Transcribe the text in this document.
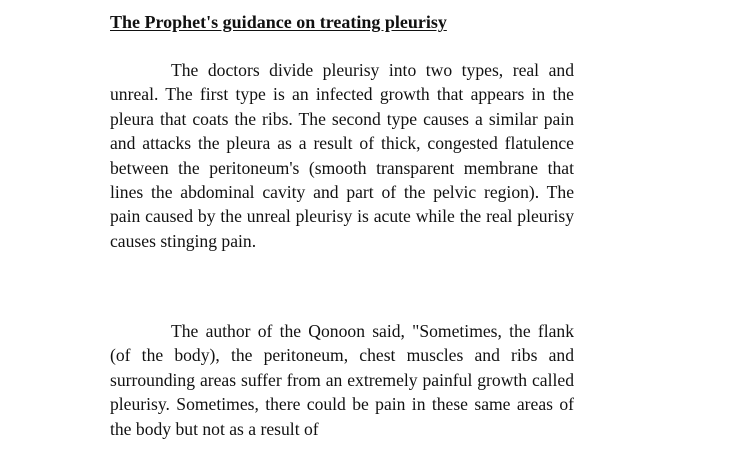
The Prophet's guidance on treating pleurisy

The doctors divide pleurisy into two types, real and unreal. The first type is an infected growth that appears in the pleura that coats the ribs. The second type causes a similar pain and attacks the pleura as a result of thick, congested flatulence between the peritoneum's (smooth transparent membrane that lines the abdominal cavity and part of the pelvic region). The pain caused by the unreal pleurisy is acute while the real pleurisy causes stinging pain.

The author of the Qonoon said, "Sometimes, the flank (of the body), the peritoneum, chest muscles and ribs and surrounding areas suffer from an extremely painful growth called pleurisy. Sometimes, there could be pain in these same areas of the body but not as a result of
